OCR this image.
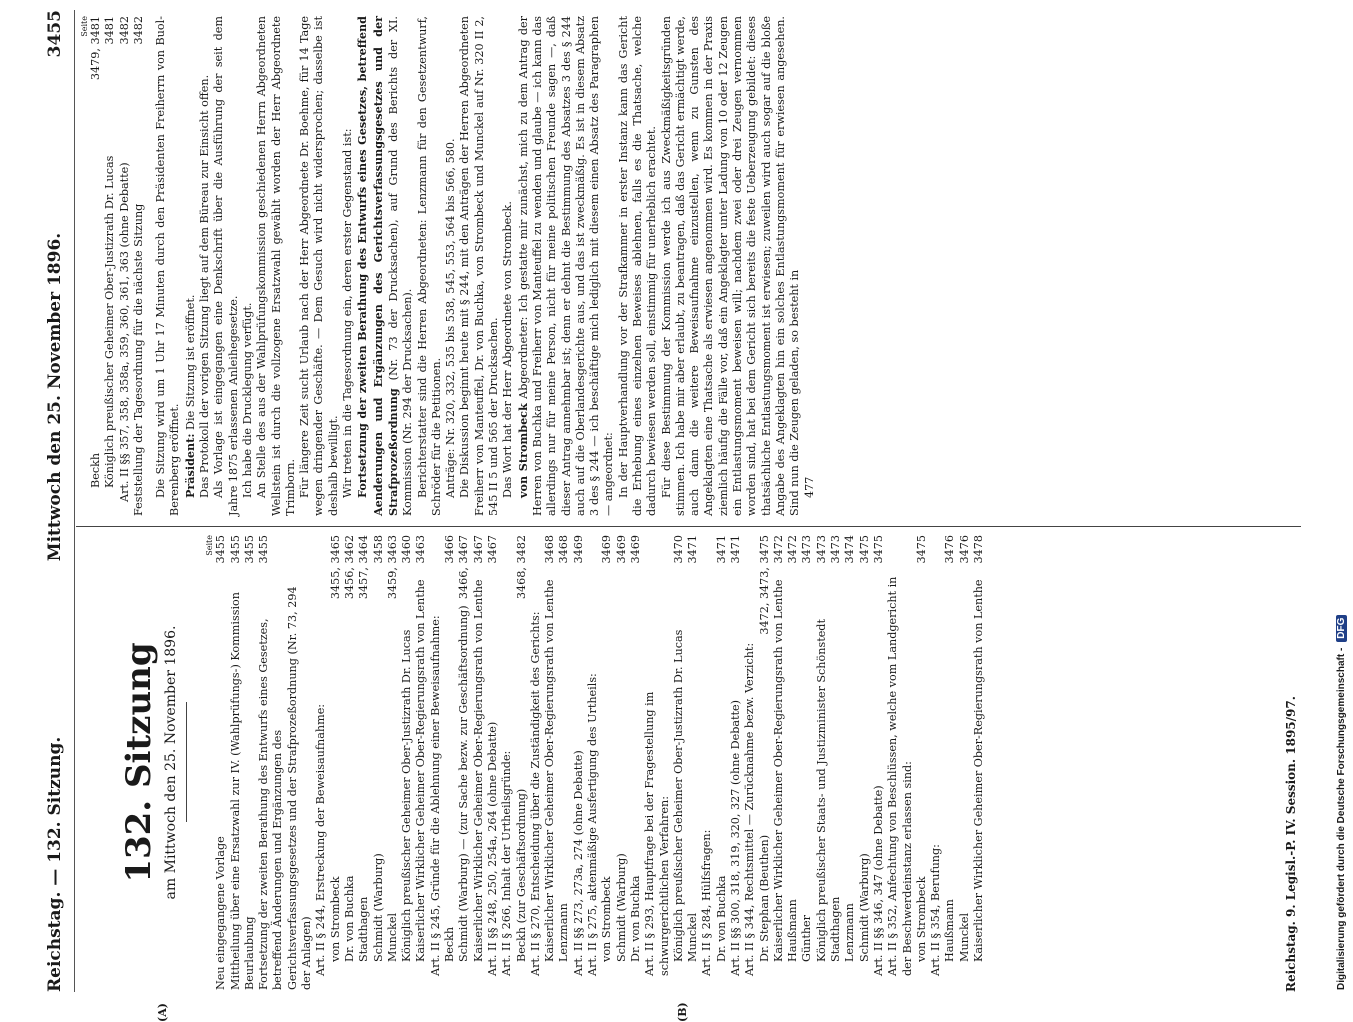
Reichstag. — 132. Sitzung.
Mittwoch den 25. November 1896.
3455
(A)	(B)
132. Sitzung am Mittwoch den 25. November 1896.
Seite
Neu eingegangene Vorlage
3455
Mittheilung über eine Ersatzwahl zur IV. (Wahlprüfungs-) Kommission
3455
Beurlaubung
3455
Fortsetzung der zweiten Berathung des Entwurfs eines Gesetzes, betreffend Änderungen und Ergänzungen des Gerichtsverfassungsgesetzes und der Strafprozeßordnung (Nr. 73, 294 der Anlagen)
3455
Art. II § 244, Erstreckung der Beweisaufnahme: von Strombeck
3455, 3465
Dr. von Buchka
3456, 3462
Stadthagen
3457, 3464
Schmidt (Warburg)
3458
Munckel
3459, 3463
Königlich preußischer Geheimer Ober-Justizrath Dr. Lucas
3460
Kaiserlicher Wirklicher Geheimer Ober-Regierungsrath von Lenthe
3463
Art. II § 245, Gründe für die Ablehnung einer Beweisaufnahme: Beckh
3466
Schmidt (Warburg) — (zur Sache bezw. zur Geschäftsordnung)
3466, 3467
Kaiserlicher Wirklicher Geheimer Ober-Regierungsrath von Lenthe
3467
Art. II §§ 248, 250, 254a, 264 (ohne Debatte)
3467
Art. II § 266, Inhalt der Urtheilsgründe: Beckh (zur Geschäftsordnung)
3468, 3482
Art. II § 270, Entscheidung über die Zuständigkeit des Gerichts: Kaiserlicher Wirklicher Geheimer Ober-Regierungsrath von Lenthe
3468
Lenzmann
3468
Art. II §§ 273, 273a, 274 (ohne Debatte)
3469
Art. II § 275, aktenmäßige Ausfertigung des Urtheils: von Strombeck
3469
Schmidt (Warburg)
3469
Dr. von Buchka
3469
Art. II § 293, Hauptfrage bei der Fragestellung im schwurgerichtlichen Verfahren: Königlich preußischer Geheimer Ober-Justizrath Dr. Lucas
3470
Munckel
3471
Art. II § 284, Hülfsfragen: Dr. von Buchka
3471
Art. II §§ 300, 318, 319, 320, 327 (ohne Debatte)
3471
Art. II § 344, Rechtsmittel — Zurücknahme bezw. Verzicht: Dr. Stephan (Beuthen)
3472, 3473, 3475 Kaiserlicher Wirklicher Geheimer Ober-Regierungsrath von Lenthe
3472
Haußmann
3472
Günther
3473
Königlich preußischer Staats- und Justizminister Schönstedt
3473
Stadthagen
3473
Lenzmann
3474
Schmidt (Warburg)
3475
Art. II §§ 346, 347 (ohne Debatte)
3475
Art. II § 352, Anfechtung von Beschlüssen, welche vom Landgericht in der Beschwerdeinstanz erlassen sind: von Strombeck
3475
Art. II § 354, Berufung: Haußmann
3476
Munckel
3476
Kaiserlicher Wirklicher Geheimer Ober-Regierungsrath von Lenthe
3478
Seite
Beckh
3479, 3481
Königlich preußischer Geheimer Ober-Justizrath Dr. Lucas
3481
Art. II §§ 357, 358, 358a, 359, 360, 361, 363 (ohne Debatte)
3482
Feststellung der Tagesordnung für die nächste Sitzung
3482 Die Sitzung wird um 1 Uhr 17 Minuten durch den Präsidenten Freiherrn von Buol-Berenberg eröffnet. Präsident: Die Sitzung ist eröffnet. Das Protokoll der vorigen Sitzung liegt auf dem Büreau zur Einsicht offen. Als Vorlage ist eingegangen eine Denkschrift über die Ausführung der seit dem Jahre 1875 erlassenen Anleihegesetze. Ich habe die Drucklegung verfügt. An Stelle des aus der Wahlprüfungskommission geschiedenen Herrn Abgeordneten Wellstein ist durch die vollzogene Ersatzwahl gewählt worden der Herr Abgeordnete Trimborn. Für längere Zeit sucht Urlaub nach der Herr Abgeordnete Dr. Boehme, für 14 Tage wegen dringender Geschäfte. — Dem Gesuch wird nicht widersprochen; dasselbe ist deshalb bewilligt. Wir treten in die Tagesordnung ein, deren erster Gegenstand ist: Fortsetzung der zweiten Berathung des Entwurfs eines Gesetzes, betreffend Aenderungen und Ergänzungen des Gerichtsverfassungsgesetzes und der Strafprozeßordnung (Nr. 73 der Drucksachen), auf Grund des Berichts der XI. Kommission (Nr. 294 der Drucksachen). Berichterstatter sind die Herren Abgeordneten: Lenzmann für den Gesetzentwurf, Schröder für die Petitionen. Anträge: Nr. 320, 332, 535 bis 538, 545, 553, 564 bis 566, 580. Die Diskussion beginnt heute mit § 244, mit den Anträgen der Herren Abgeordneten Freiherr von Manteuffel, Dr. von Buchka, von Strombeck und Munckel auf Nr. 320 II 2, 545 II 5 und 565 der Drucksachen. Das Wort hat der Herr Abgeordnete von Strombeck. von Strombeck Abgeordneter: Ich gestatte mir zunächst, mich zu dem Antrag der Herren von Buchka und Freiherr von Manteuffel zu wenden und glaube — ich kann das allerdings nur für meine Person, nicht für meine politischen Freunde sagen —, daß dieser Antrag annehmbar ist; denn er dehnt die Bestimmung des Absatzes 3 des § 244 auch auf die Oberlandesgerichte aus, und das ist zweckmäßig. Es ist in diesem Absatz 3 des § 244 — ich beschäftige mich lediglich mit diesem einen Absatz des Paragraphen — angeordnet: In der Hauptverhandlung vor der Strafkammer in erster Instanz kann das Gericht die Erhebung eines einzelnen Beweises ablehnen, falls es die Thatsache, welche dadurch bewiesen werden soll, einstimmig für unerheblich erachtet. Für diese Bestimmung der Kommission werde ich aus Zweckmäßigkeitsgründen stimmen. Ich habe mir aber erlaubt, zu beantragen, daß das Gericht ermächtigt werde, auch dann die weitere Beweisaufnahme einzustellen, wenn zu Gunsten des Angeklagten eine Thatsache als erwiesen angenommen wird. Es kommen in der Praxis ziemlich häufig die Fälle vor, daß ein Angeklagter unter Ladung von 10 oder 12 Zeugen ein Entlastungsmoment beweisen will; nachdem zwei oder drei Zeugen vernommen worden sind, hat bei dem Gericht sich bereits die feste Ueberzeugung gebildet: dieses thatsächliche Entlastungsmoment ist erwiesen; zuweilen wird auch sogar auf die bloße Angabe des Angeklagten hin ein solches Entlastungsmoment für erwiesen angesehen. Sind nun die Zeugen geladen, so besteht in 477

Reichstag. 9. Legisl.-P. IV. Session. 1895/97.	Digitalisierung gefördert durch die Deutsche Forschungsgemeinschaft -DFG
